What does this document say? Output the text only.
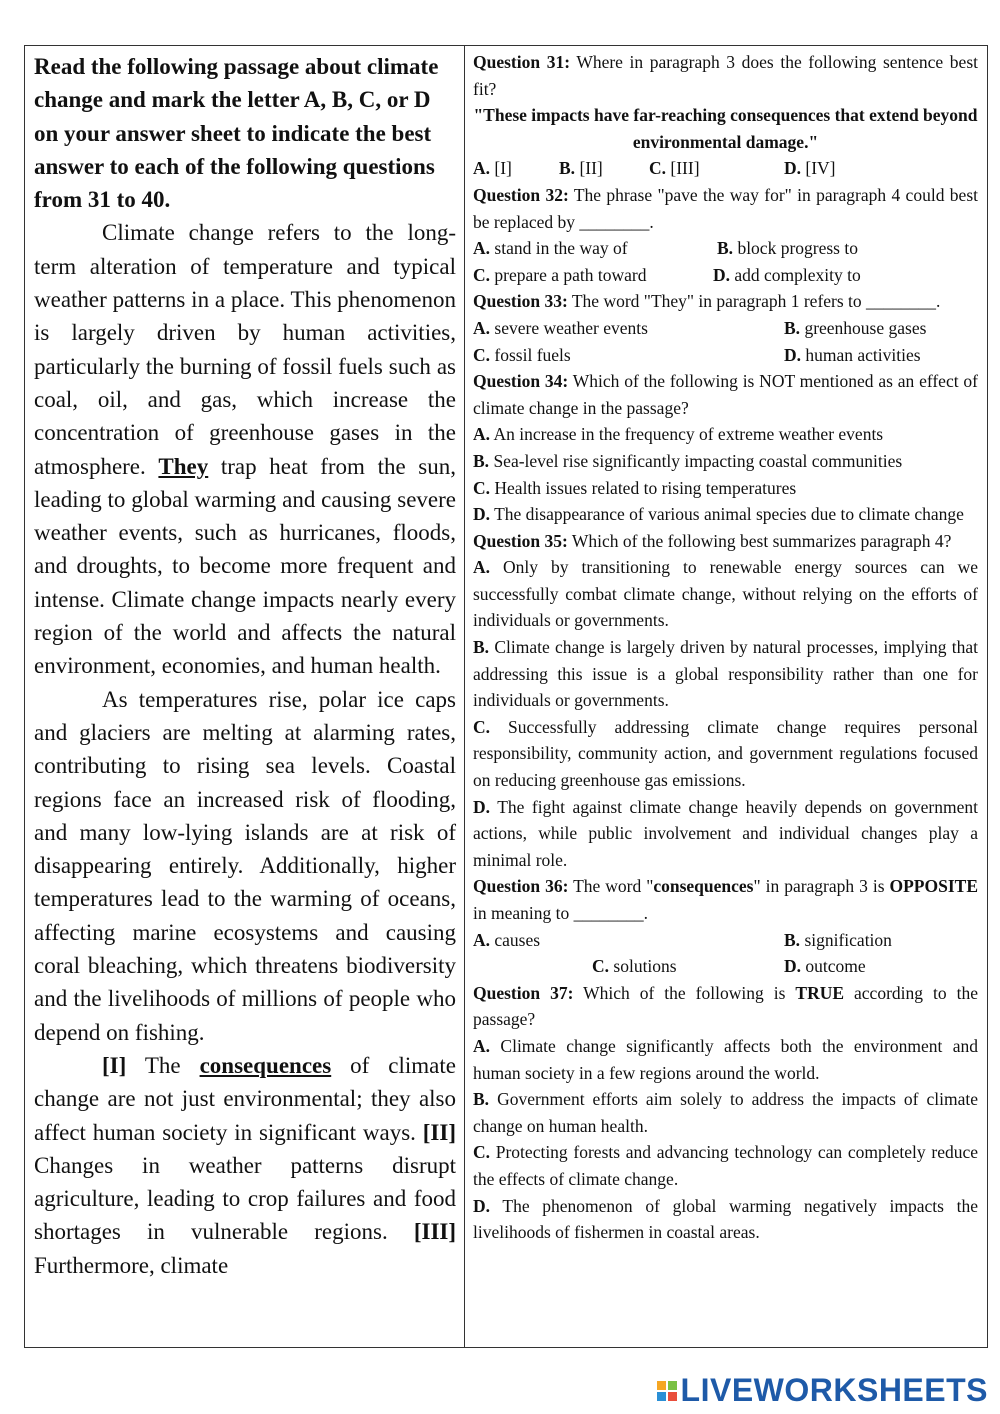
Read the following passage about climate change and mark the letter A, B, C, or D on your answer sheet to indicate the best answer to each of the following questions from 31 to 40.

Climate change refers to the long-term alteration of temperature and typical weather patterns in a place. This phenomenon is largely driven by human activities, particularly the burning of fossil fuels such as coal, oil, and gas, which increase the concentration of greenhouse gases in the atmosphere. They trap heat from the sun, leading to global warming and causing severe weather events, such as hurricanes, floods, and droughts, to become more frequent and intense. Climate change impacts nearly every region of the world and affects the natural environment, economies, and human health.

As temperatures rise, polar ice caps and glaciers are melting at alarming rates, contributing to rising sea levels. Coastal regions face an increased risk of flooding, and many low-lying islands are at risk of disappearing entirely. Additionally, higher temperatures lead to the warming of oceans, affecting marine ecosystems and causing coral bleaching, which threatens biodiversity and the livelihoods of millions of people who depend on fishing.

[I] The consequences of climate change are not just environmental; they also affect human society in significant ways. [II] Changes in weather patterns disrupt agriculture, leading to crop failures and food shortages in vulnerable regions. [III] Furthermore, climate

Question 31: Where in paragraph 3 does the following sentence best fit?

"These impacts have far-reaching consequences that extend beyond environmental damage."

A. [I]	B. [II]	C. [III]	D. [IV]

Question 32: The phrase "pave the way for" in paragraph 4 could best be replaced by ________.

A. stand in the way of	B. block progress to
C. prepare a path toward	D. add complexity to

Question 33: The word "They" in paragraph 1 refers to ________.

A. severe weather events	B. greenhouse gases
C. fossil fuels	D. human activities

Question 34: Which of the following is NOT mentioned as an effect of climate change in the passage?

A. An increase in the frequency of extreme weather events

B. Sea-level rise significantly impacting coastal communities

C. Health issues related to rising temperatures

D. The disappearance of various animal species due to climate change

Question 35: Which of the following best summarizes paragraph 4?

A. Only by transitioning to renewable energy sources can we successfully combat climate change, without relying on the efforts of individuals or governments.

B. Climate change is largely driven by natural processes, implying that addressing this issue is a global responsibility rather than one for individuals or governments.

C. Successfully addressing climate change requires personal responsibility, community action, and government regulations focused on reducing greenhouse gas emissions.

D. The fight against climate change heavily depends on government actions, while public involvement and individual changes play a minimal role.

Question 36: The word "consequences" in paragraph 3 is OPPOSITE in meaning to ________.

A. causes	B. signification
C. solutions	D. outcome

Question 37: Which of the following is TRUE according to the passage?

A. Climate change significantly affects both the environment and human society in a few regions around the world.

B. Government efforts aim solely to address the impacts of climate change on human health.

C. Protecting forests and advancing technology can completely reduce the effects of climate change.

D. The phenomenon of global warming negatively impacts the livelihoods of fishermen in coastal areas.

LIVEWORKSHEETS
